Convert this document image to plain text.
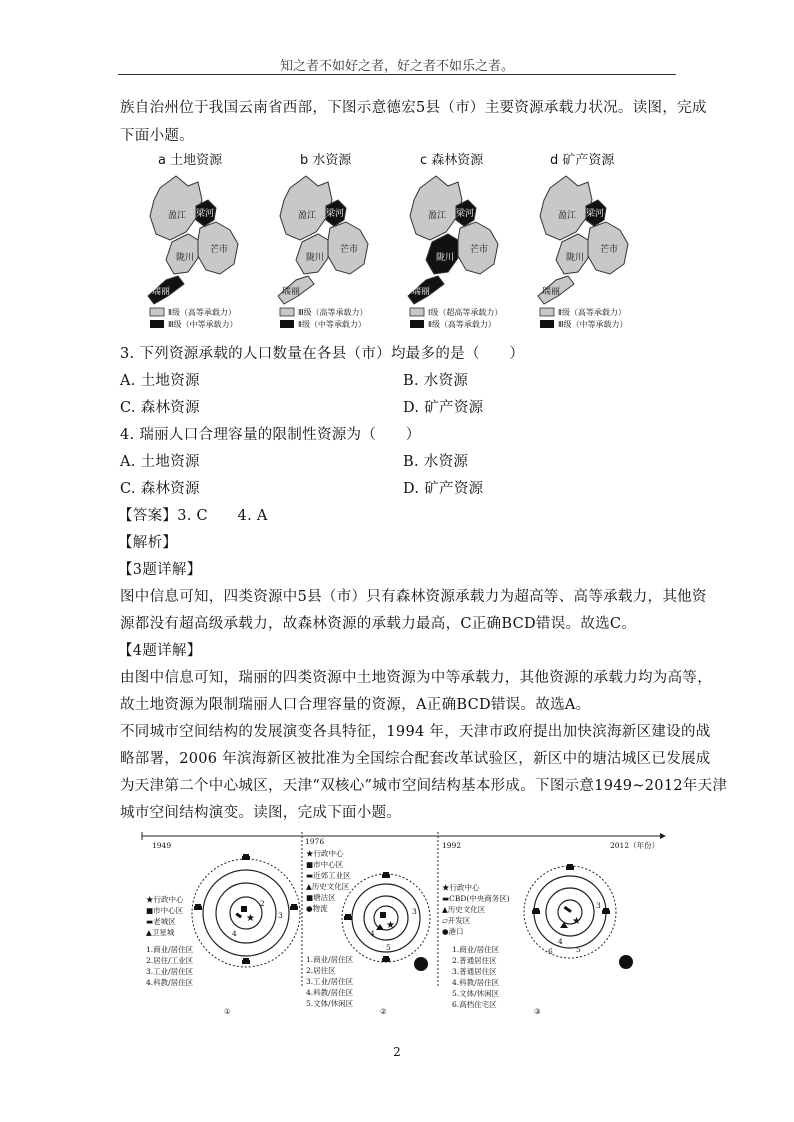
知之者不如好之者，好之者不如乐之者。
族自治州位于我国云南省西部，下图示意德宏5县（市）主要资源承载力状况。读图，完成
下面小题。
a 土地资源
盈江 梁河
陇川
芒市
瑞丽
Ⅱ级（高等承载力）
Ⅲ级（中等承载力）
b 水资源
盈江 梁河
陇川
芒市
瑞丽
Ⅲ级（高等承载力）
Ⅱ级（中等承载力）
c 森林资源
盈江 梁河
陇川
芒市
瑞丽
Ⅰ级（超高等承载力）
Ⅱ级（高等承载力）
d 矿产资源
盈江 梁河
陇川
芒市
瑞丽
Ⅱ级（高等承载力）
Ⅲ级（中等承载力）
3. 下列资源承载的人口数量在各县（市）均最多的是（　　）
A. 土地资源	B. 水资源
C. 森林资源	D. 矿产资源
4. 瑞丽人口合理容量的限制性资源为（　　）
A. 土地资源	B. 水资源
C. 森林资源	D. 矿产资源
【答案】3. C　　4. A
【解析】
【3题详解】
图中信息可知，四类资源中5县（市）只有森林资源承载力为超高等、高等承载力，其他资
源都没有超高级承载力，故森林资源的承载力最高，C正确BCD错误。故选C。
【4题详解】
由图中信息可知，瑞丽的四类资源中土地资源为中等承载力，其他资源的承载力均为高等，
故土地资源为限制瑞丽人口合理容量的资源，A正确BCD错误。故选A。
不同城市空间结构的发展演变各具特征，1994 年，天津市政府提出加快滨海新区建设的战
略部署，2006 年滨海新区被批准为全国综合配套改革试验区，新区中的塘沽城区已发展成
为天津第二个中心城区，天津“双核心”城市空间结构基本形成。下图示意1949~2012年天津
城市空间结构演变。读图，完成下面小题。
1949	1976	1992	2012（年份）
★行政中心
■市中心区
▬老城区
▲卫星城
1.商业/居住区
2.居住/工业区
3.工业/居住区
4.科教/居住区
★
2
3
4
①
★行政中心
■市中心区
▬近郊工业区
▲历史文化区
■塘沽区
●物流
1.商业/居住区
2.居住区
3.工业/居住区
4.科教/居住区
5.文体/休闲区
★
3
4
5
②
★行政中心
▬CBD(中央商务区)
▲历史文化区
▱开发区
●港口
1.商业/居住区
2.普通居住区
3.普通居住区
4.科教/居住区
5.文体/休闲区
6.高档住宅区
★
3
4
5
6
③
2
